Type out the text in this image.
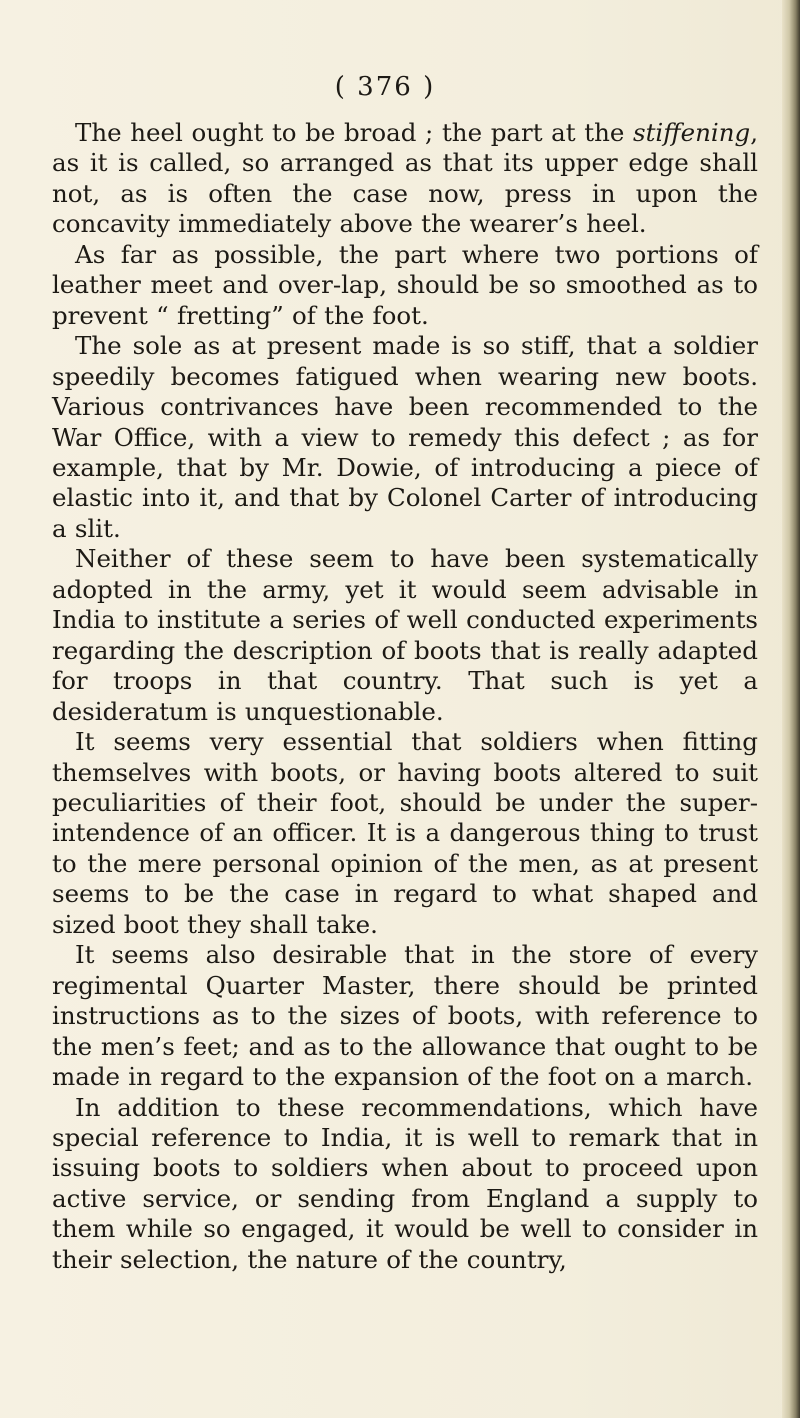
( 376 )

The heel ought to be broad ; the part at the stiffening, as it is called, so arranged as that its upper edge shall not, as is often the case now, press in upon the concavity immediately above the wearer’s heel.

As far as possible, the part where two portions of leather meet and over-lap, should be so smoothed as to prevent “ fretting” of the foot.

The sole as at present made is so stiff, that a soldier speedily becomes fatigued when wearing new boots. Various contrivances have been recommended to the War Office, with a view to remedy this defect ; as for example, that by Mr. Dowie, of introducing a piece of elastic into it, and that by Colonel Carter of introducing a slit.

Neither of these seem to have been systematically adopted in the army, yet it would seem advisable in India to institute a series of well conducted experiments regarding the description of boots that is really adapted for troops in that country. That such is yet a desideratum is unquestionable.

It seems very essential that soldiers when fitting themselves with boots, or having boots altered to suit peculiarities of their foot, should be under the superintendence of an officer. It is a dangerous thing to trust to the mere personal opinion of the men, as at present seems to be the case in regard to what shaped and sized boot they shall take.

It seems also desirable that in the store of every regimental Quarter Master, there should be printed instructions as to the sizes of boots, with reference to the men’s feet; and as to the allowance that ought to be made in regard to the expansion of the foot on a march.

In addition to these recommendations, which have special reference to India, it is well to remark that in issuing boots to soldiers when about to proceed upon active service, or sending from England a supply to them while so engaged, it would be well to consider in their selection, the nature of the country,
